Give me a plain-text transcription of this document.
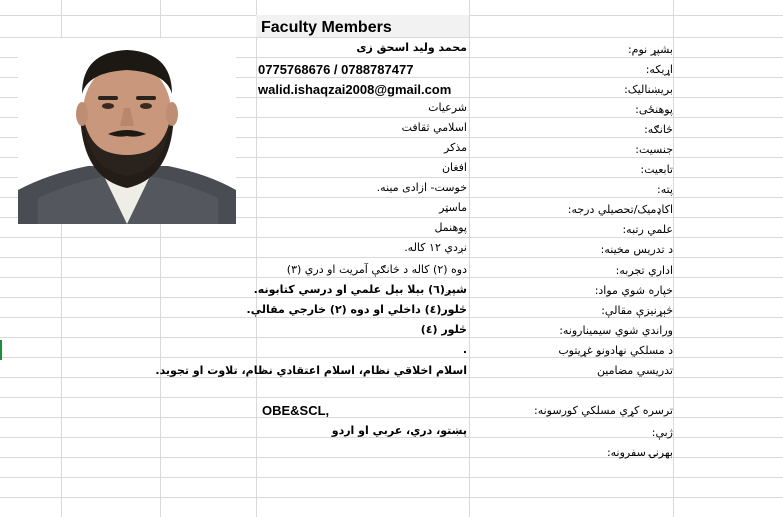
Faculty Members
بشپړ نوم:
محمد وليد اسحق زى
اړيکه:
0775768676 / 0788787477
بریښنالیک:
walid.ishaqzai2008@gmail.com
پوهنځی:
شرعيات
څانګه:
اسلامي ثقافت
جنسیت:
مذكر
تابعیت:
افغان
پته:
خوست- ازادى مينه.
اکاډمیک/تحصیلي درجه:
ماسټر
علمي رتبه:
پوهنمل
د تدریس مخینه:
نږدي ١٢ کاله.
اداري تجربه:
دوه (٢) کاله د څانګې آمريت او دري (٣)
خپاره شوي مواد:
شپږ(٦) بېلا بېل علمي او درسي کتابونه.
څېړنيزې مقالې:
څلور(٤) داخلي او دوه (٢) خارجي مقالې.
وراندي شوي سیمینارونه:
څلور (٤)
د مسلکي نهادونو غړيتوب
.
تدريسي مضامين
اسلام اخلاقي نظام، اسلام اعتقادي نظام، تلاوت او تجويد.
ترسره کړي مسلکي کورسونه:
OBE&SCL,
ژبې:
پښتو، دري، عربي او اردو
بهرنۍ سفرونه:
